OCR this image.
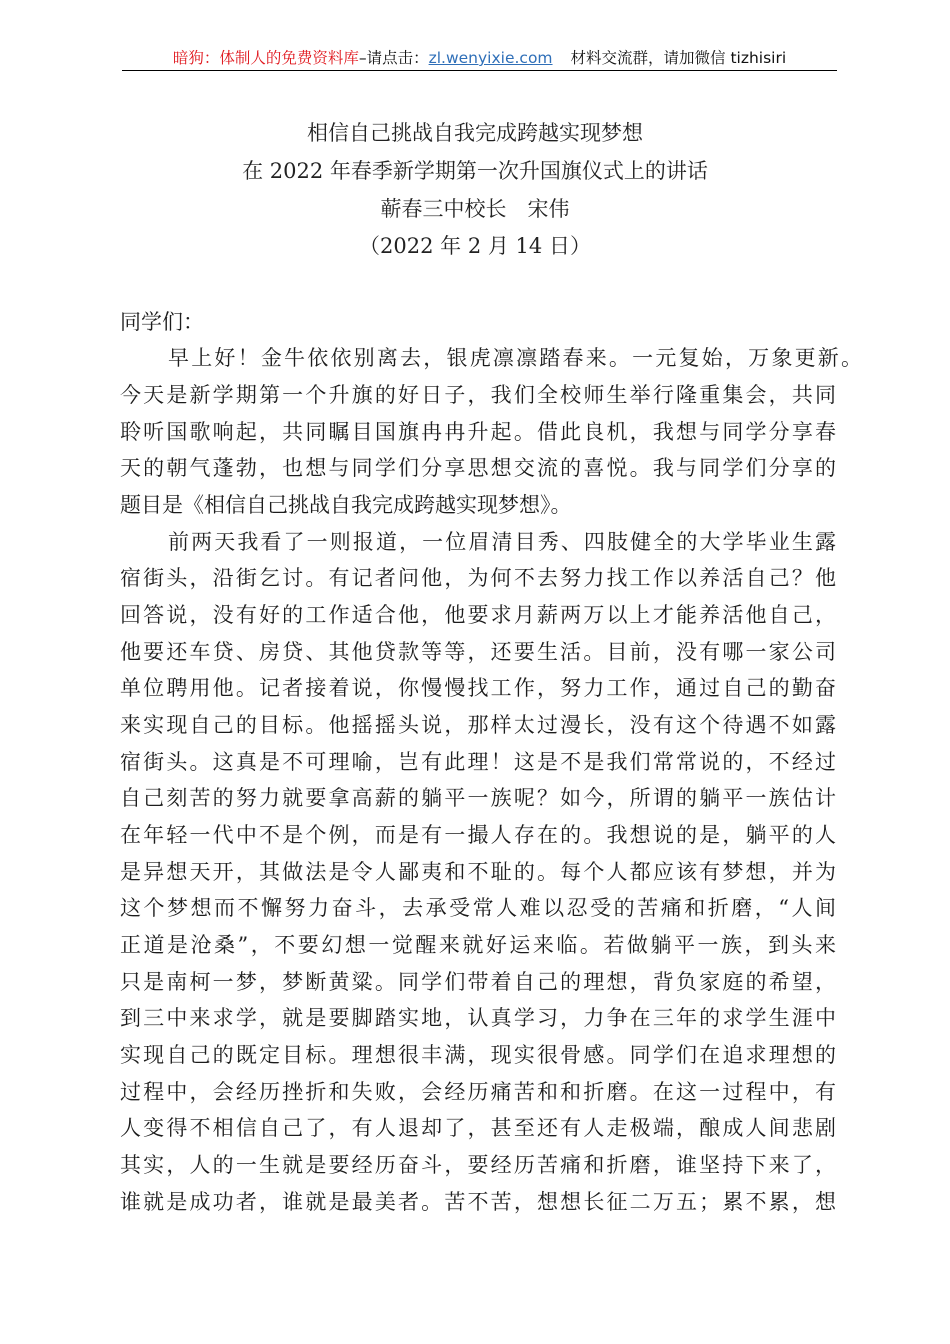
暗狗：体制人的免费资料库–请点击：zl.wenyixie.com 材料交流群，请加微信 tizhisiri
相信自己挑战自我完成跨越实现梦想
在 2022 年春季新学期第一次升国旗仪式上的讲话
蕲春三中校长　宋伟
（2022 年 2 月 14 日）
同学们：
早上好！金牛依依别离去，银虎凛凛踏春来。一元复始，万象更新。
今天是新学期第一个升旗的好日子，我们全校师生举行隆重集会，共同
聆听国歌响起，共同瞩目国旗冉冉升起。借此良机，我想与同学分享春
天的朝气蓬勃，也想与同学们分享思想交流的喜悦。我与同学们分享的
题目是《相信自己挑战自我完成跨越实现梦想》。
前两天我看了一则报道，一位眉清目秀、四肢健全的大学毕业生露
宿街头，沿街乞讨。有记者问他，为何不去努力找工作以养活自己？他
回答说，没有好的工作适合他，他要求月薪两万以上才能养活他自己，
他要还车贷、房贷、其他贷款等等，还要生活。目前，没有哪一家公司
单位聘用他。记者接着说，你慢慢找工作，努力工作，通过自己的勤奋
来实现自己的目标。他摇摇头说，那样太过漫长，没有这个待遇不如露
宿街头。这真是不可理喻，岂有此理！这是不是我们常常说的，不经过
自己刻苦的努力就要拿高薪的躺平一族呢？如今，所谓的躺平一族估计
在年轻一代中不是个例，而是有一撮人存在的。我想说的是，躺平的人
是异想天开，其做法是令人鄙夷和不耻的。每个人都应该有梦想，并为
这个梦想而不懈努力奋斗，去承受常人难以忍受的苦痛和折磨，“人间
正道是沧桑”，不要幻想一觉醒来就好运来临。若做躺平一族，到头来
只是南柯一梦，梦断黄粱。同学们带着自己的理想，背负家庭的希望，
到三中来求学，就是要脚踏实地，认真学习，力争在三年的求学生涯中
实现自己的既定目标。理想很丰满，现实很骨感。同学们在追求理想的
过程中，会经历挫折和失败，会经历痛苦和和折磨。在这一过程中，有
人变得不相信自己了，有人退却了，甚至还有人走极端，酿成人间悲剧
其实，人的一生就是要经历奋斗，要经历苦痛和折磨，谁坚持下来了，
谁就是成功者，谁就是最美者。苦不苦，想想长征二万五；累不累，想
